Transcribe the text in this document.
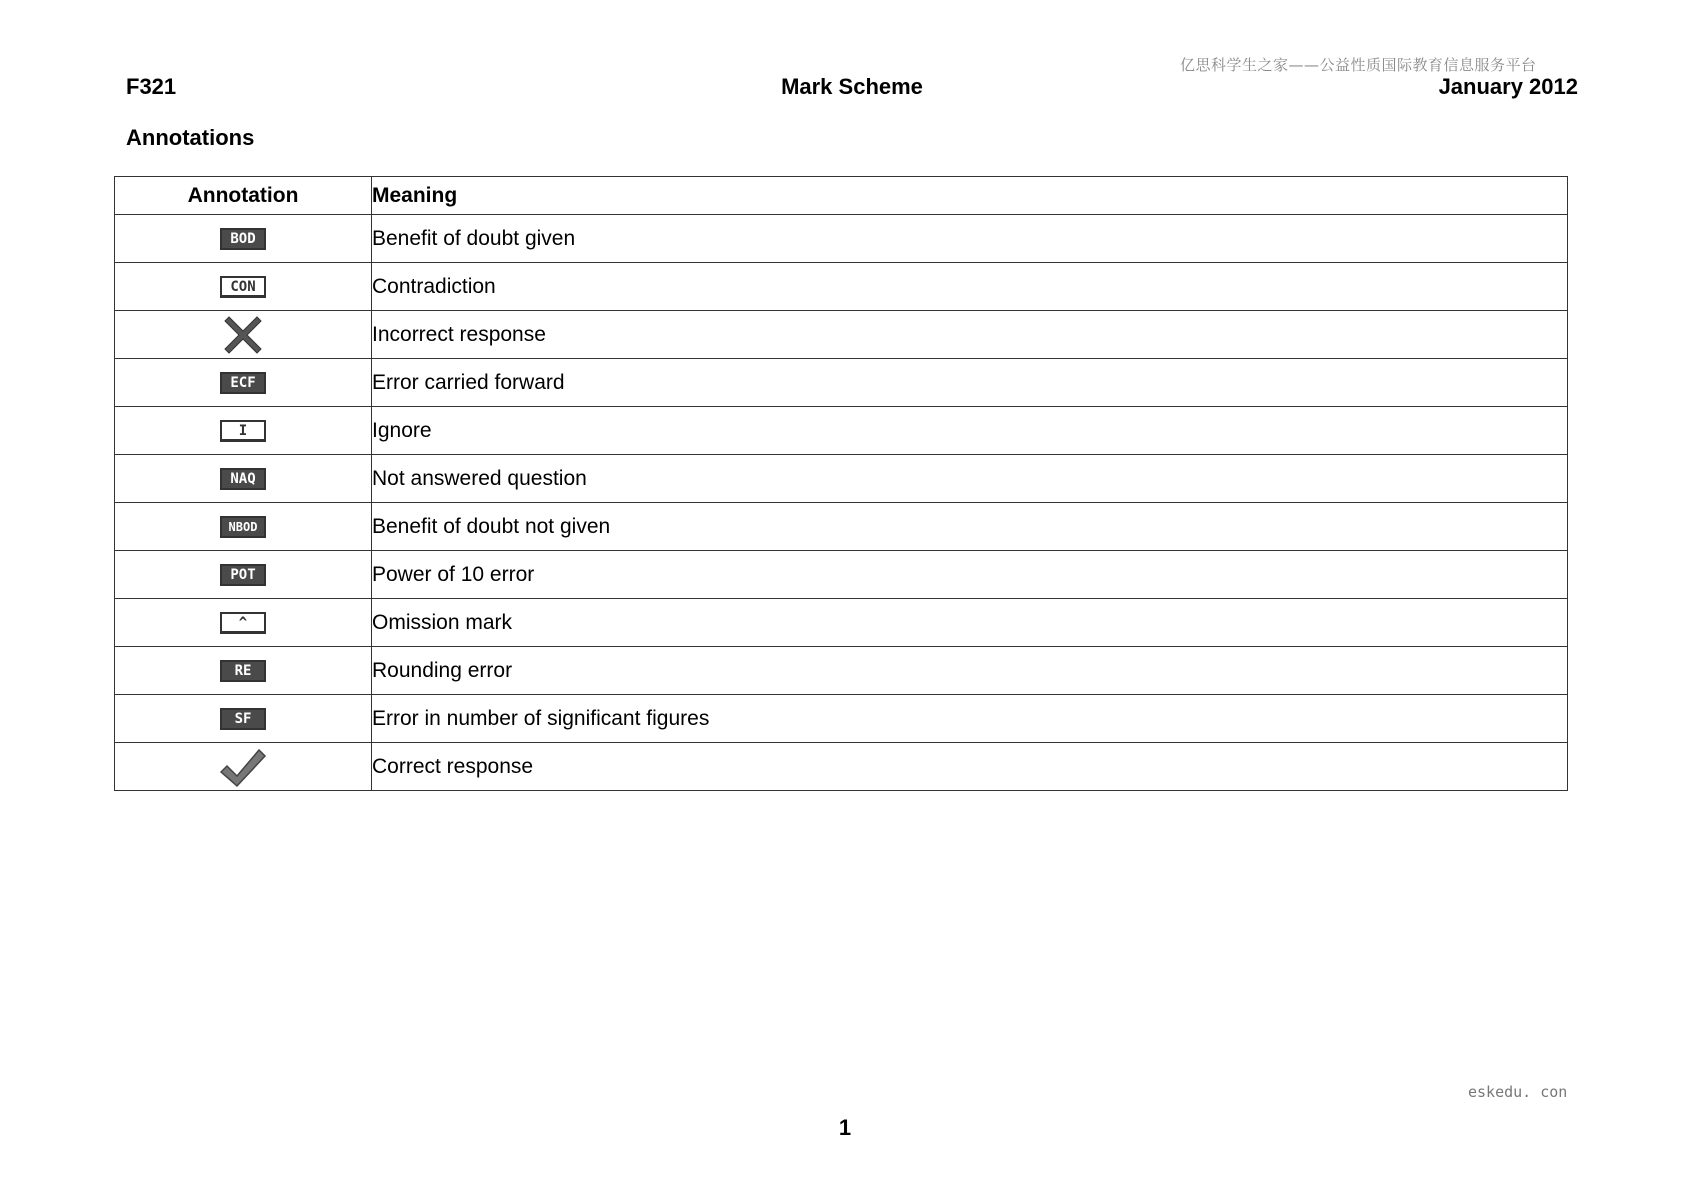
亿思科学生之家——公益性质国际教育信息服务平台
F321	Mark Scheme	January 2012
Annotations
Annotation	Meaning
BOD	Benefit of doubt given
CON	Contradiction
	Incorrect response
ECF	Error carried forward
I	Ignore
NAQ	Not answered question
NBOD	Benefit of doubt not given
POT	Power of 10 error
^	Omission mark
RE	Rounding error
SF	Error in number of significant figures
	Correct response
eskedu. con
1
